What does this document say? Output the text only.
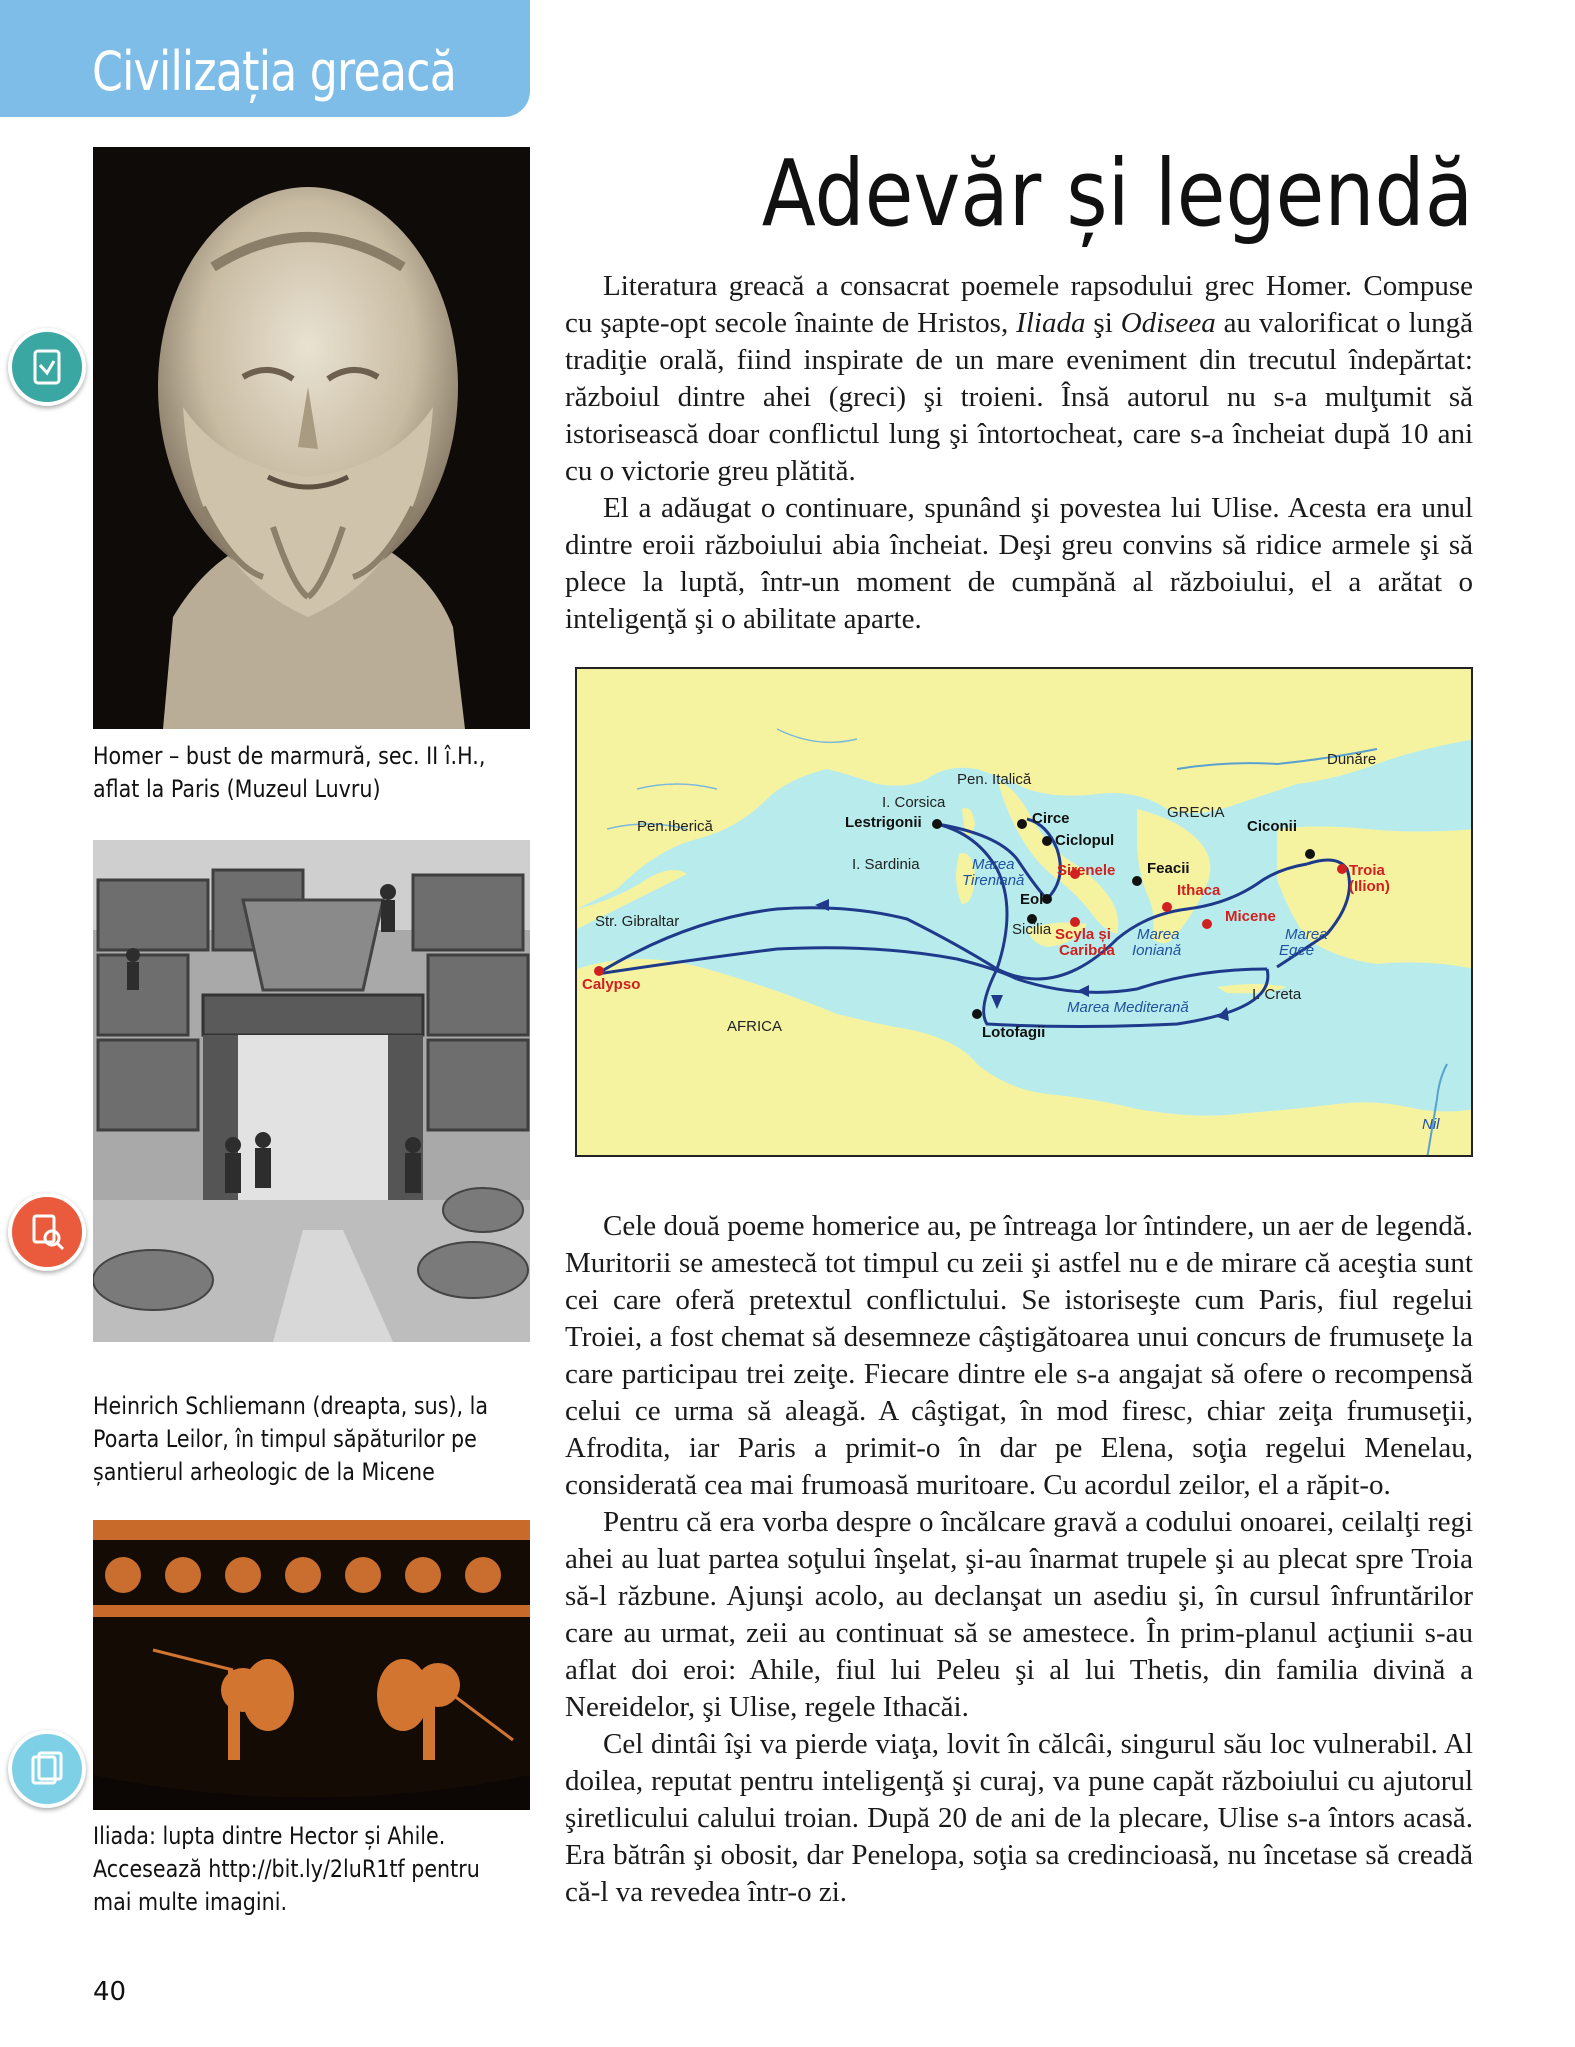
Civilizația greacă
Adevăr și legendă

Literatura greacă a consacrat poemele rapsodului grec Homer. Compuse cu şapte-opt secole înainte de Hristos, Iliada şi Odiseea au valorificat o lungă tradiţie orală, fiind inspirate de un mare eveniment din trecutul îndepărtat: războiul dintre ahei (greci) şi troieni. Însă autorul nu s-a mulţumit să istorisească doar conflictul lung şi întortocheat, care s-a încheiat după 10 ani cu o victorie greu plătită.

El a adăugat o continuare, spunând şi povestea lui Ulise. Acesta era unul dintre eroii războiului abia încheiat. Deşi greu convins să ridice armele şi să plece la luptă, într-un moment de cumpănă al războiului, el a arătat o inteligenţă şi o abilitate aparte.

Cele două poeme homerice au, pe întreaga lor întindere, un aer de legendă. Muritorii se amestecă tot timpul cu zeii şi astfel nu e de mirare că aceştia sunt cei care oferă pretextul conflictului. Se istoriseşte cum Paris, fiul regelui Troiei, a fost chemat să desemneze câştigătoarea unui concurs de frumuseţe la care participau trei zeiţe. Fiecare dintre ele s-a angajat să ofere o recompensă celui ce urma să aleagă. A câştigat, în mod firesc, chiar zeiţa frumuseţii, Afrodita, iar Paris a primit-o în dar pe Elena, soţia regelui Menelau, considerată cea mai frumoasă muritoare. Cu acordul zeilor, el a răpit-o.

Pentru că era vorba despre o încălcare gravă a codului onoarei, ceilalţi regi ahei au luat partea soţului înşelat, şi-au înarmat trupele şi au plecat spre Troia să-l răzbune. Ajunşi acolo, au declanşat un asediu şi, în cursul înfruntărilor care au urmat, zeii au continuat să se amestece. În prim-planul acţiunii s-au aflat doi eroi: Ahile, fiul lui Peleu şi al lui Thetis, din familia divină a Nereidelor, şi Ulise, regele Ithacăi.

Cel dintâi îşi va pierde viaţa, lovit în călcâi, singurul său loc vulnerabil. Al doilea, reputat pentru inteligenţă şi curaj, va pune capăt războiului cu ajutorul şiretlicului calului troian. După 20 de ani de la plecare, Ulise s-a întors acasă. Era bătrân şi obosit, dar Penelopa, soţia sa credincioasă, nu încetase să creadă că-l va revedea într-o zi.

Homer – bust de marmură, sec. II î.H., aflat la Paris (Muzeul Luvru)
Heinrich Schliemann (dreapta, sus), la Poarta Leilor, în timpul săpăturilor pe șantierul arheologic de la Micene
Iliada: lupta dintre Hector și Ahile. Accesează http://bit.ly/2luR1tf pentru mai multe imagini.
Dunăre
Pen. Italică
I. Corsica
Pen.Iberică
GRECIA
I. Sardinia
Str. Gibraltar	Sicilia
AFRICA
I. Creta
Nil
Lestrigonii	Circe
Ciclopul
Ciconii
Feacii
Eol
Lotofagii
Sirenele
Ithaca
Troia
(Ilion)
Calypso
Scyla și
Caribda
Micene
Marea
Tireniană
Marea
Ionianǎ
Marea
Egee
Marea Mediterană
40
